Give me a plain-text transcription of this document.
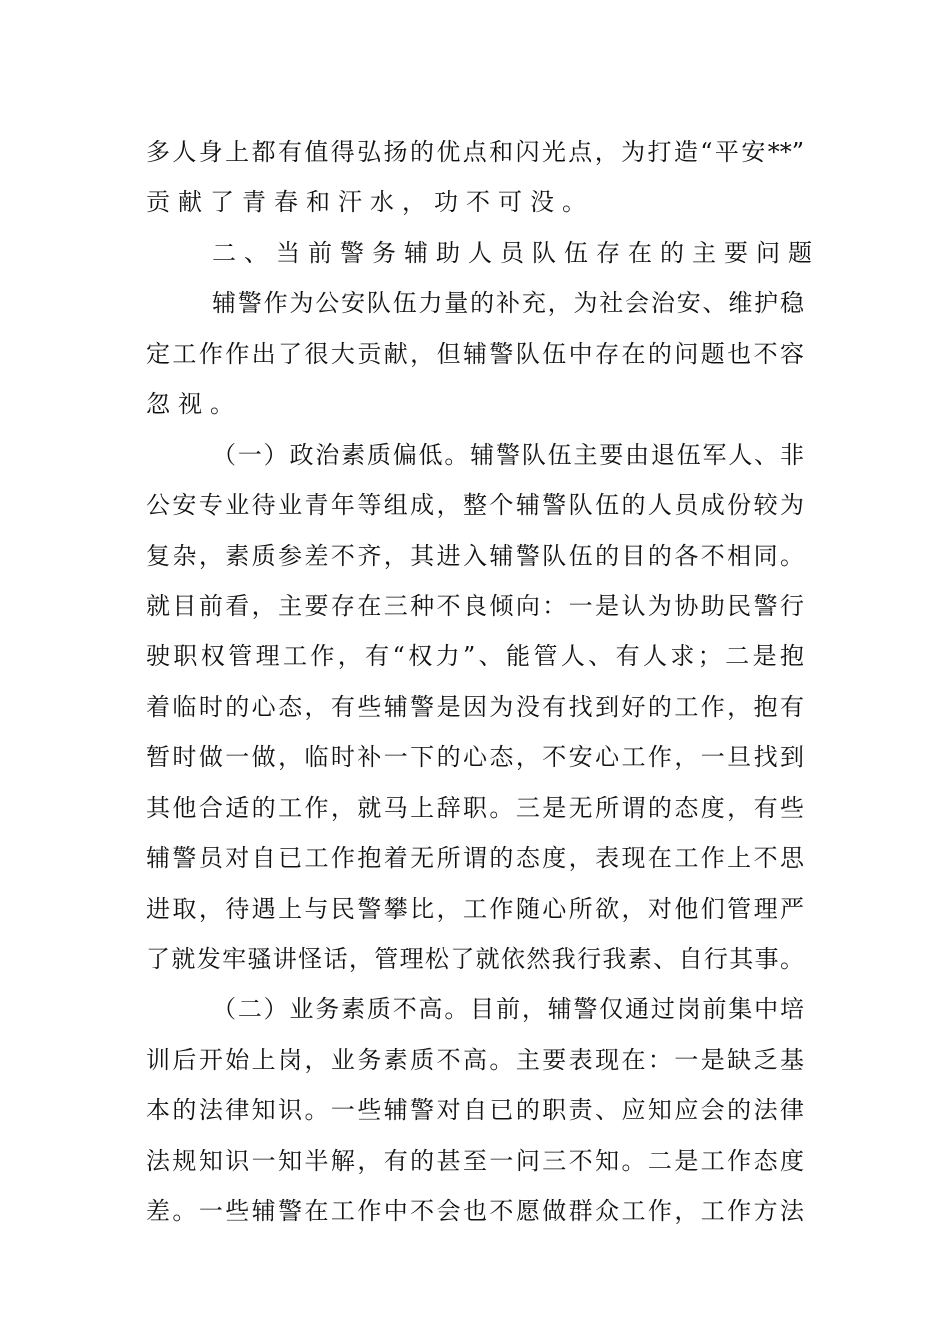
多人身上都有值得弘扬的优点和闪光点，为打造“平安**”
贡献了青春和汗水，功不可没。
二、当前警务辅助人员队伍存在的主要问题
辅警作为公安队伍力量的补充，为社会治安、维护稳
定工作作出了很大贡献，但辅警队伍中存在的问题也不容
忽视。
（一）政治素质偏低。辅警队伍主要由退伍军人、非
公安专业待业青年等组成，整个辅警队伍的人员成份较为
复杂，素质参差不齐，其进入辅警队伍的目的各不相同。
就目前看，主要存在三种不良倾向：一是认为协助民警行
驶职权管理工作，有“权力”、能管人、有人求；二是抱
着临时的心态，有些辅警是因为没有找到好的工作，抱有
暂时做一做，临时补一下的心态，不安心工作，一旦找到
其他合适的工作，就马上辞职。三是无所谓的态度，有些
辅警员对自已工作抱着无所谓的态度，表现在工作上不思
进取，待遇上与民警攀比，工作随心所欲，对他们管理严
了就发牢骚讲怪话，管理松了就依然我行我素、自行其事。
（二）业务素质不高。目前，辅警仅通过岗前集中培
训后开始上岗，业务素质不高。主要表现在：一是缺乏基
本的法律知识。一些辅警对自已的职责、应知应会的法律
法规知识一知半解，有的甚至一问三不知。二是工作态度
差。一些辅警在工作中不会也不愿做群众工作，工作方法
